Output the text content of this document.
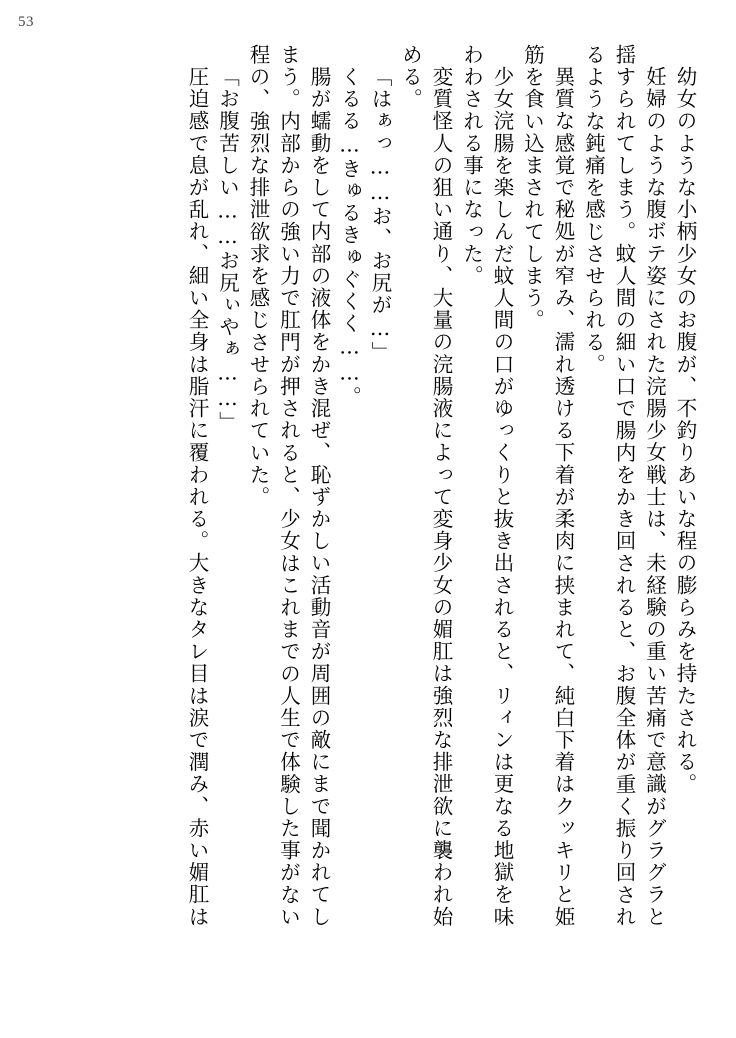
53
幼女のような小柄少女のお腹が、不釣りあいな程の膨らみを持たされる。
妊婦のような腹ボテ姿にされた浣腸少女戦士は、未経験の重い苦痛で意識がグラグラと
揺すられてしまう。蚊人間の細い口で腸内をかき回されると、お腹全体が重く振り回され
るような鈍痛を感じさせられる。
異質な感覚で秘処が窄み、濡れ透ける下着が柔肉に挟まれて、純白下着はクッキリと姫
筋を食い込まされてしまう。
少女浣腸を楽しんだ蚊人間の口がゆっくりと抜き出されると、リィンは更なる地獄を味
わわされる事になった。
変質怪人の狙い通り、大量の浣腸液によって変身少女の媚肛は強烈な排泄欲に襲われ始
める。
「はぁっ……お、お尻が…」
くるる…きゅるきゅぐくく……。
腸が蠕動をして内部の液体をかき混ぜ、恥ずかしい活動音が周囲の敵にまで聞かれてし
まう。内部からの強い力で肛門が押されると、少女はこれまでの人生で体験した事がない
程の、強烈な排泄欲求を感じさせられていた。
「お腹苦しい……お尻ぃやぁ……」
圧迫感で息が乱れ、細い全身は脂汗に覆われる。大きなタレ目は涙で潤み、赤い媚肛は
